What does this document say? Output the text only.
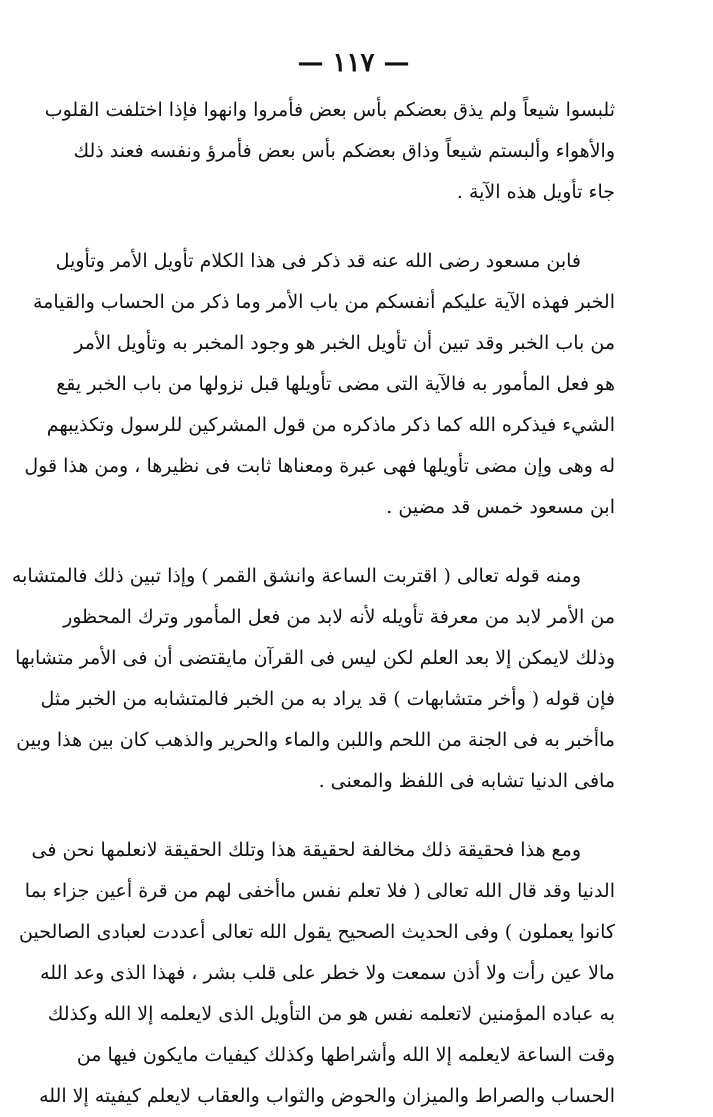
— ١١٧ —

ثلبسوا شيعاً ولم يذق بعضكم بأس بعض فأمروا وانهوا فإذا اختلفت القلوب
والأهواء وألبستم شيعاً وذاق بعضكم بأس بعض فأمرؤ ونفسه فعند ذلك
جاء تأويل هذه الآية .

فابن مسعود رضى الله عنه قد ذكر فى هذا الكلام تأويل الأمر وتأويل
الخبر فهذه الآية عليكم أنفسكم من باب الأمر وما ذكر من الحساب والقيامة
من باب الخبر وقد تبين أن تأويل الخبر هو وجود المخبر به وتأويل الأمر
هو فعل المأمور به فالآية التى مضى تأويلها قبل نزولها من باب الخبر يقع
الشيء فيذكره الله كما ذكر ماذكره من قول المشركين للرسول وتكذيبهم
له وهى وإن مضى تأويلها فهى عبرة ومعناها ثابت فى نظيرها ، ومن هذا قول
ابن مسعود خمس قد مضين .

ومنه قوله تعالى ( اقتربت الساعة وانشق القمر ) وإذا تبين ذلك فالمتشابه
من الأمر لابد من معرفة تأويله لأنه لابد من فعل المأمور وترك المحظور
وذلك لايمكن إلا بعد العلم لكن ليس فى القرآن مايقتضى أن فى الأمر متشابها
فإن قوله ( وأخر متشابهات ) قد يراد به من الخبر فالمتشابه من الخبر مثل
ماأخبر به فى الجنة من اللحم واللبن والماء والحرير والذهب كان بين هذا وبين
مافى الدنيا تشابه فى اللفظ والمعنى .

ومع هذا فحقيقة ذلك مخالفة لحقيقة هذا وتلك الحقيقة لانعلمها نحن فى
الدنيا وقد قال الله تعالى ( فلا تعلم نفس ماأخفى لهم من قرة أعين جزاء بما
كانوا يعملون ) وفى الحديث الصحيح يقول الله تعالى أعددت لعبادى الصالحين
مالا عين رأت ولا أذن سمعت ولا خطر على قلب بشر ، فهذا الذى وعد الله
به عباده المؤمنين لاتعلمه نفس هو من التأويل الذى لايعلمه إلا الله وكذلك
وقت الساعة لايعلمه إلا الله وأشراطها وكذلك كيفيات مايكون فيها من
الحساب والصراط والميزان والحوض والثواب والعقاب لايعلم كيفيته إلا الله
